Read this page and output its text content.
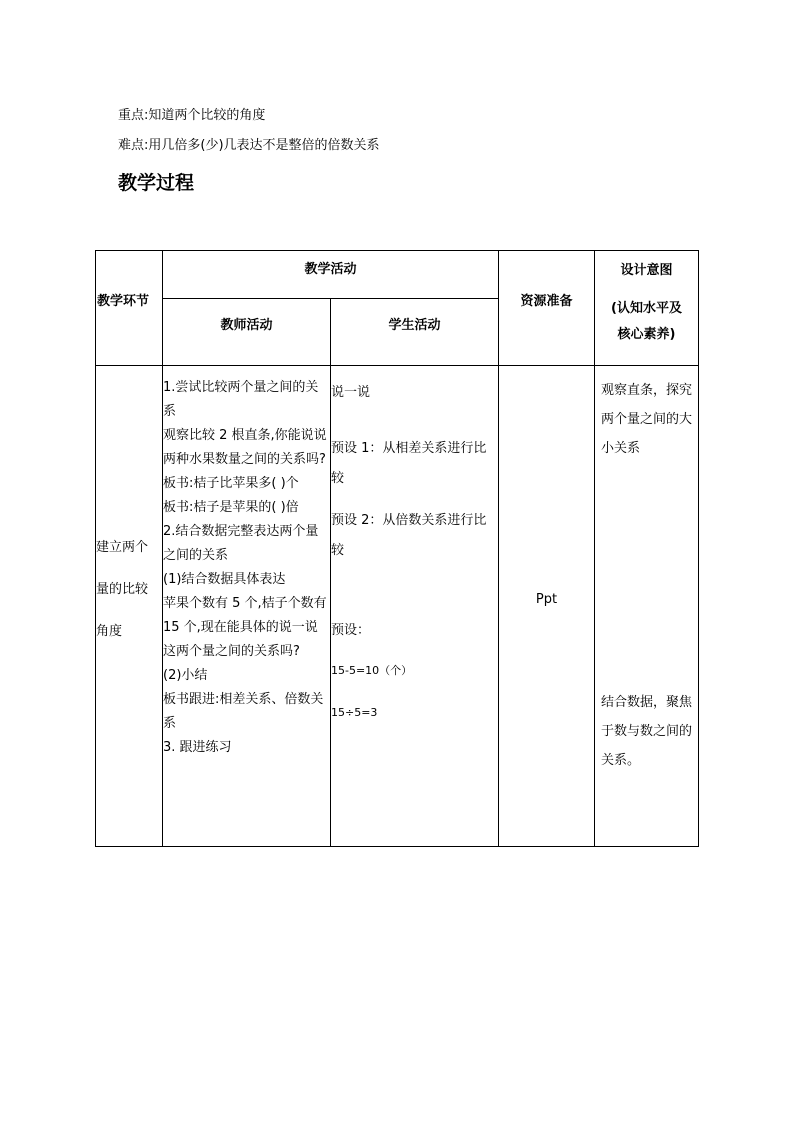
重点:知道两个比较的角度
难点:用几倍多(少)几表达不是整倍的倍数关系
教学过程
教学环节
教学活动
教师活动	学生活动
资源准备
设计意图
(认知水平及
核心素养)
建立两个
量的比较
角度
1.尝试比较两个量之间的关系
观察比较 2 根直条,你能说说两种水果数量之间的关系吗?
板书:桔子比苹果多( )个
板书:桔子是苹果的( )倍
2.结合数据完整表达两个量之间的关系
(1)结合数据具体表达
苹果个数有 5 个,桔子个数有 15 个,现在能具体的说一说这两个量之间的关系吗?
(2)小结
板书跟进:相差关系、倍数关系
3. 跟进练习
说一说
预设 1：从相差关系进行比较
预设 2：从倍数关系进行比较
预设：
15-5=10（个）
15÷5=3
Ppt
观察直条，探究两个量之间的大小关系
结合数据，聚焦于数与数之间的关系。
